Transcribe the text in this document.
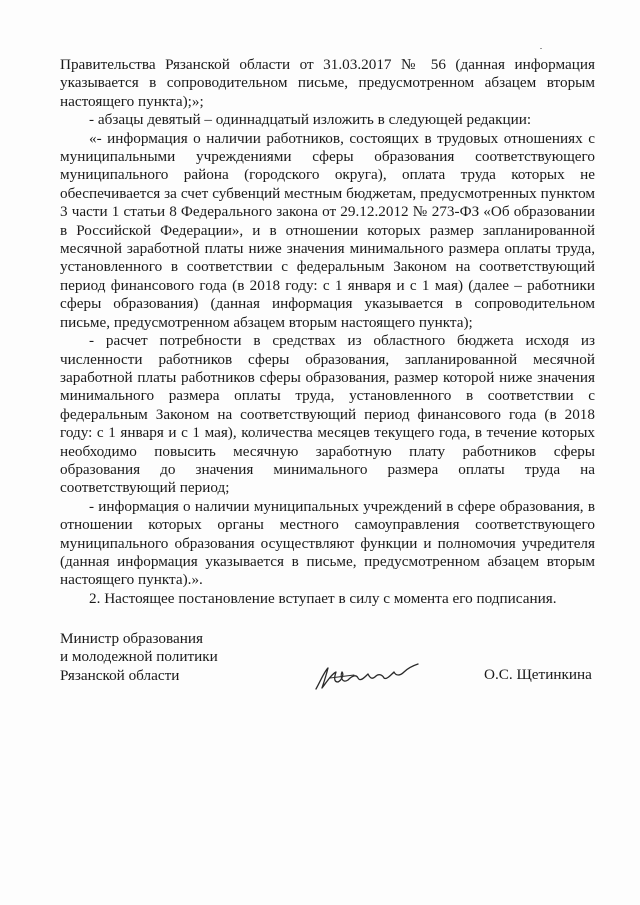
Правительства Рязанской области от 31.03.2017 № 56 (данная информация указывается в сопроводительном письме, предусмотренном абзацем вторым настоящего пункта);»;

- абзацы девятый – одиннадцатый изложить в следующей редакции:

«- информация о наличии работников, состоящих в трудовых отношениях с муниципальными учреждениями сферы образования соответствующего муниципального района (городского округа), оплата труда которых не обеспечивается за счет субвенций местным бюджетам, предусмотренных пунктом 3 части 1 статьи 8 Федерального закона от 29.12.2012 № 273-ФЗ «Об образовании в Российской Федерации», и в отношении которых размер запланированной месячной заработной платы ниже значения минимального размера оплаты труда, установленного в соответствии с федеральным Законом на соответствующий период финансового года (в 2018 году: с 1 января и с 1 мая) (далее – работники сферы образования) (данная информация указывается в сопроводительном письме, предусмотренном абзацем вторым настоящего пункта);

- расчет потребности в средствах из областного бюджета исходя из численности работников сферы образования, запланированной месячной заработной платы работников сферы образования, размер которой ниже значения минимального размера оплаты труда, установленного в соответствии с федеральным Законом на соответствующий период финансового года (в 2018 году: с 1 января и с 1 мая), количества месяцев текущего года, в течение которых необходимо повысить месячную заработную плату работников сферы образования до значения минимального размера оплаты труда на соответствующий период;

- информация о наличии муниципальных учреждений в сфере образования, в отношении которых органы местного самоуправления соответствующего муниципального образования осуществляют функции и полномочия учредителя (данная информация указывается в письме, предусмотренном абзацем вторым настоящего пункта).».

2. Настоящее постановление вступает в силу с момента его подписания.

Министр образования
и молодежной политики
Рязанской области	О.С. Щетинкина
